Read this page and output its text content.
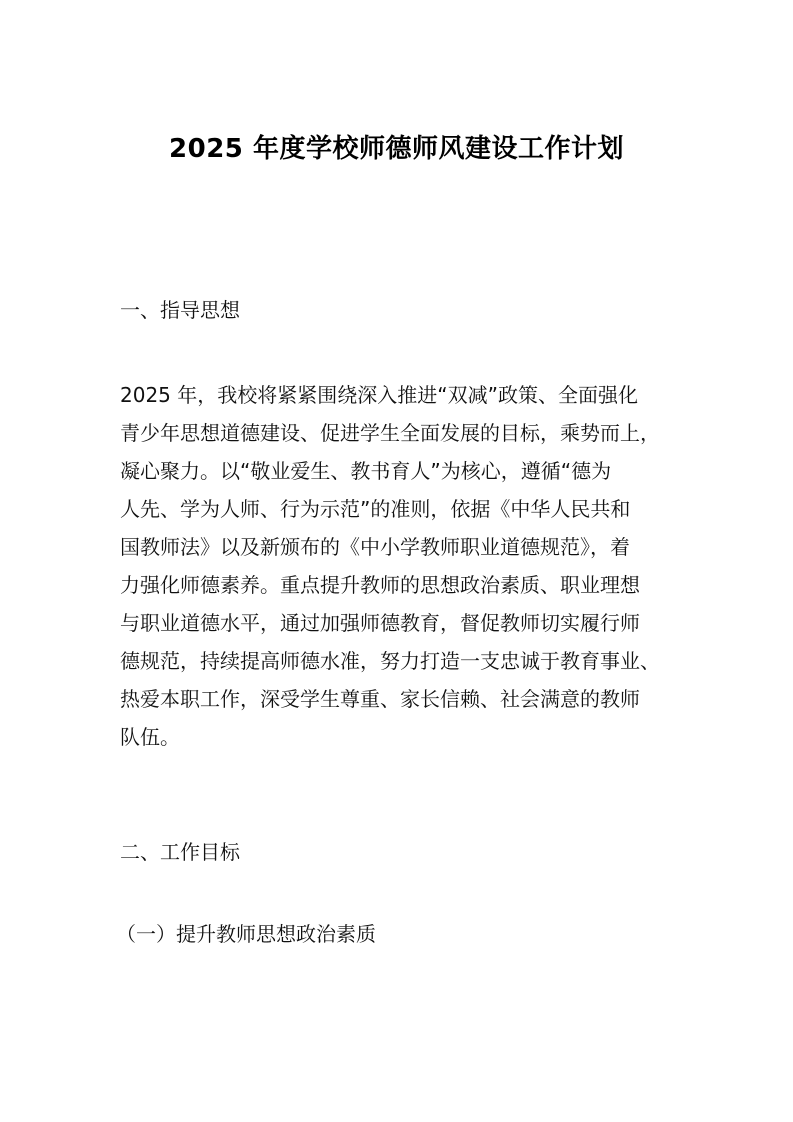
2025 年度学校师德师风建设工作计划
一、指导思想
2025 年，我校将紧紧围绕深入推进“双减”政策、全面强化
青少年思想道德建设、促进学生全面发展的目标，乘势而上，
凝心聚力。以“敬业爱生、教书育人”为核心，遵循“德为
人先、学为人师、行为示范”的准则，依据《中华人民共和
国教师法》以及新颁布的《中小学教师职业道德规范》，着
力强化师德素养。重点提升教师的思想政治素质、职业理想
与职业道德水平，通过加强师德教育，督促教师切实履行师
德规范，持续提高师德水准，努力打造一支忠诚于教育事业、
热爱本职工作，深受学生尊重、家长信赖、社会满意的教师
队伍。
二、工作目标
（一）提升教师思想政治素质
